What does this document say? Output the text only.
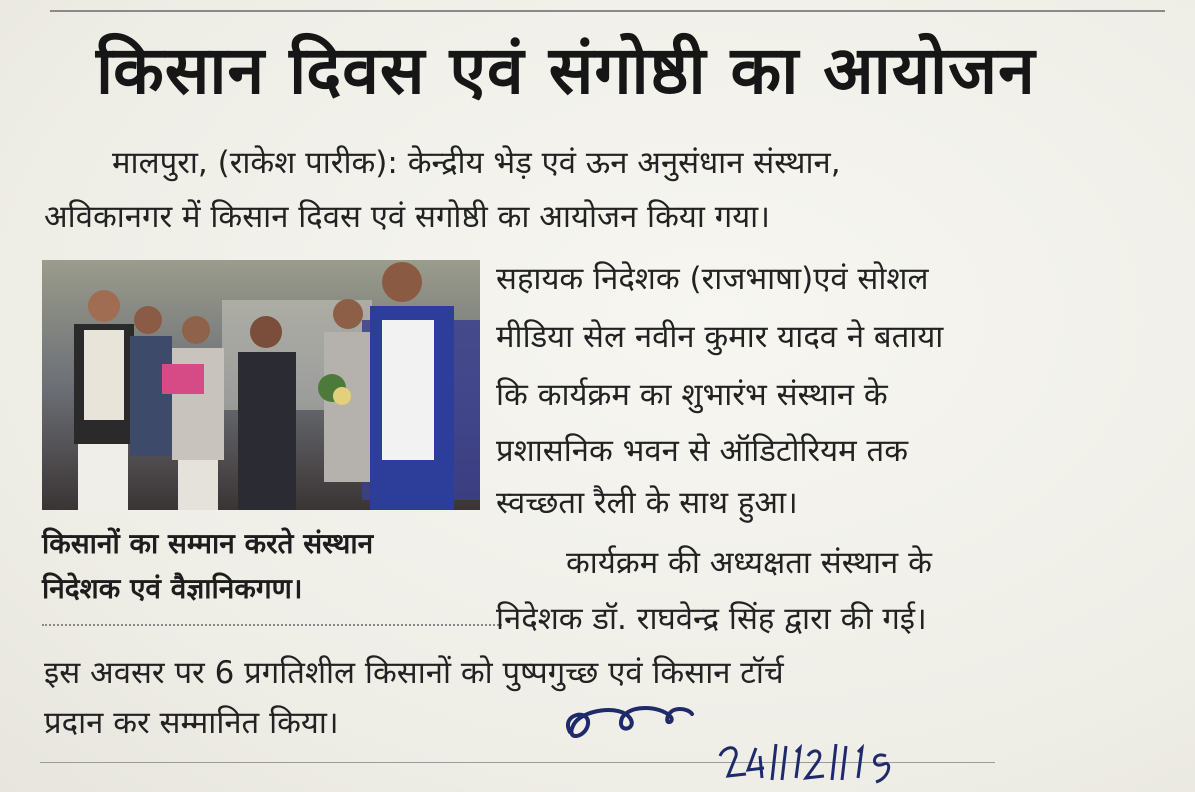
किसान दिवस एवं संगोष्ठी का आयोजन
मालपुरा, (राकेश पारीक): केन्द्रीय भेड़ एवं ऊन अनुसंधान संस्थान,
अविकानगर में किसान दिवस एवं सगोष्ठी का आयोजन किया गया।
सहायक निदेशक (राजभाषा)एवं सोशल
मीडिया सेल नवीन कुमार यादव ने बताया
कि कार्यक्रम का शुभारंभ संस्थान के
प्रशासनिक भवन से ऑडिटोरियम तक
स्वच्छता रैली के साथ हुआ।
किसानों का सम्मान करते संस्थान
निदेशक एवं वैज्ञानिकगण।
कार्यक्रम की अध्यक्षता संस्थान के
निदेशक डॉ. राघवेन्द्र सिंह द्वारा की गई।
इस अवसर पर 6 प्रगतिशील किसानों को पुष्पगुच्छ एवं किसान टॉर्च
प्रदान कर सम्मानित किया।
